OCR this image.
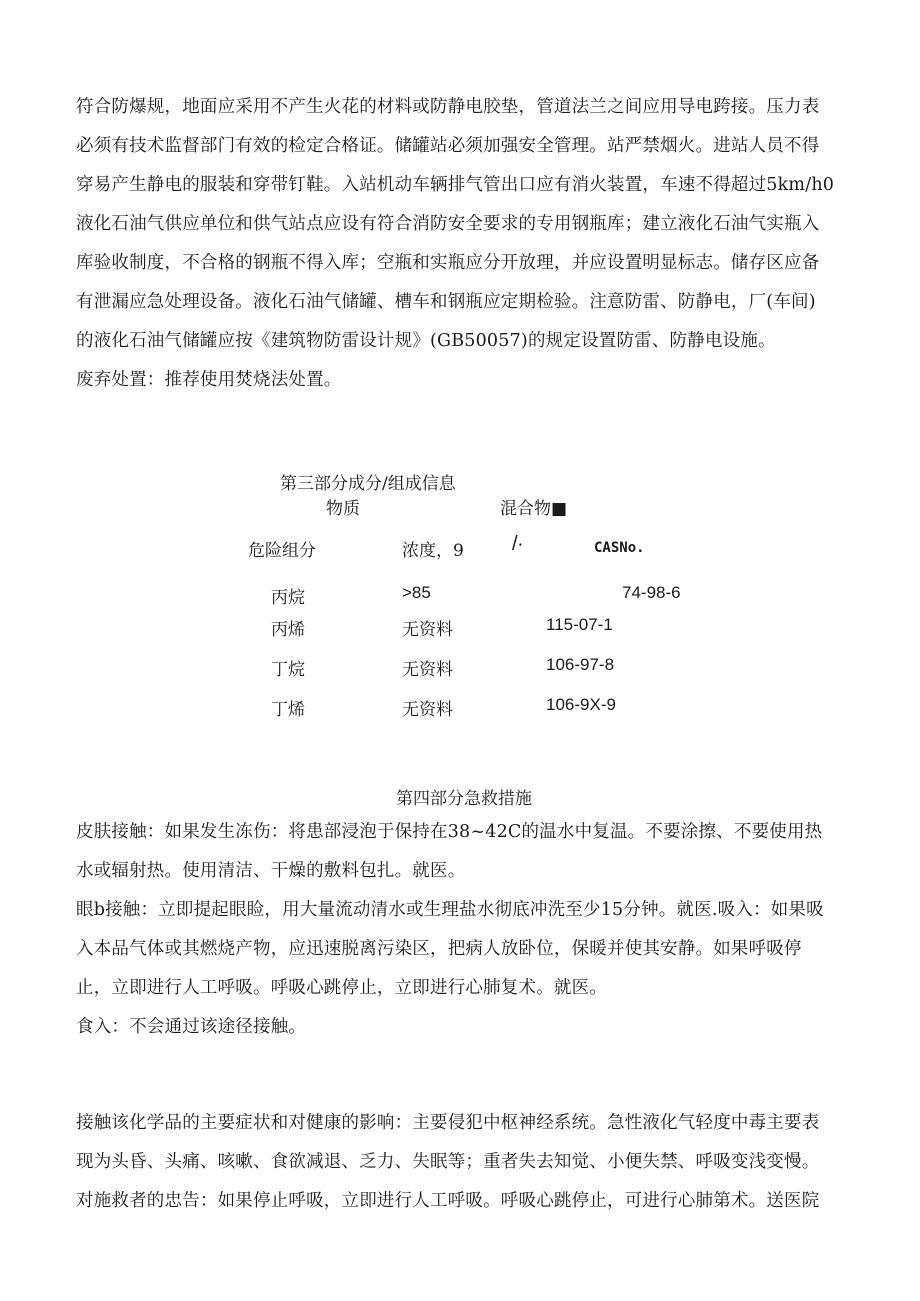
符合防爆规，地面应采用不产生火花的材料或防静电胶垫，管道法兰之间应用导电跨接。压力表
必须有技术监督部门有效的检定合格证。储罐站必须加强安全管理。站严禁烟火。进站人员不得
穿易产生静电的服装和穿带钉鞋。入站机动车辆排气管出口应有消火装置，车速不得超过5km/h0
液化石油气供应单位和供气站点应设有符合消防安全要求的专用钢瓶库；建立液化石油气实瓶入
库验收制度，不合格的钢瓶不得入库；空瓶和实瓶应分开放理，并应设置明显标志。储存区应备
有泄漏应急处理设备。液化石油气储罐、槽车和钢瓶应定期检验。注意防雷、防静电，厂(车间)
的液化石油气储罐应按《建筑物防雷设计规》(GB50057)的规定设置防雷、防静电设施。
废弃处置：推荐使用焚烧法处置。
第三部分成分/组成信息
物质	混合物■
危险组分	浓度，9 /∙	CASNo.
丙烷	>85	74-98-6
丙烯	无资料	115-07-1
丁烷	无资料	106-97-8
丁烯	无资料	106-9X-9
第四部分急救措施
皮肤接触：如果发生冻伤：将患部浸泡于保持在38~42C的温水中复温。不要涂擦、不要使用热
水或辐射热。使用清洁、干燥的敷料包扎。就医。
眼b接触：立即提起眼睑，用大量流动清水或生理盐水彻底冲洗至少15分钟。就医.吸入：如果吸
入本品气体或其燃烧产物，应迅速脱离污染区，把病人放卧位，保暖并使其安静。如果呼吸停
止，立即进行人工呼吸。呼吸心跳停止，立即进行心肺复术。就医。
食入：不会通过该途径接触。
接触该化学品的主要症状和对健康的影响：主要侵犯中枢神经系统。急性液化气轻度中毒主要表
现为头昏、头痛、咳嗽、食欲减退、乏力、失眠等；重者失去知觉、小便失禁、呼吸变浅变慢。
对施救者的忠告：如果停止呼吸，立即进行人工呼吸。呼吸心跳停止，可进行心肺第术。送医院
